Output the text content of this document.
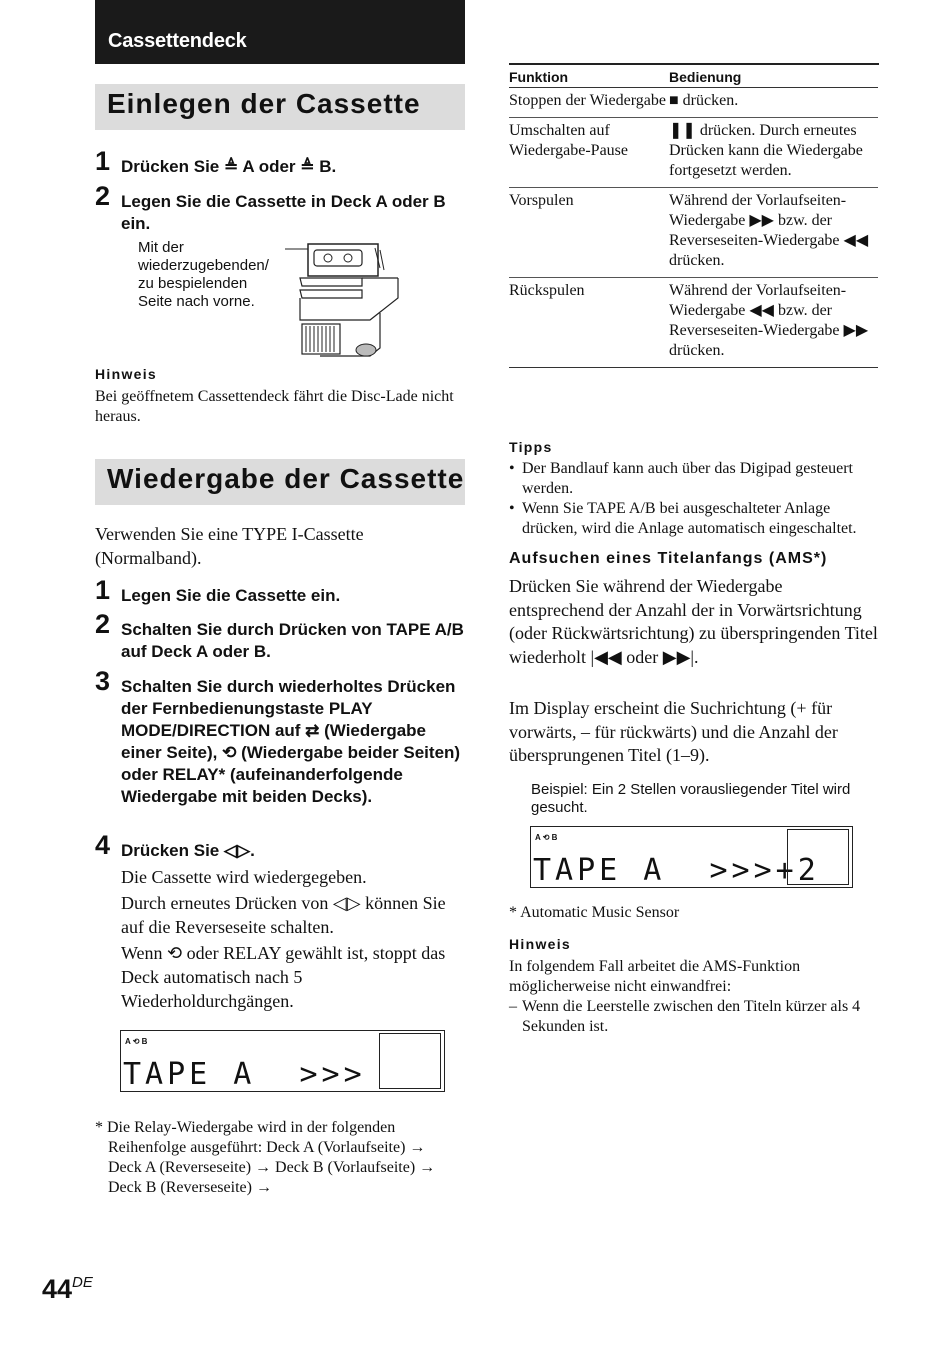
Cassettendeck
Einlegen der Cassette
1 Drücken Sie ≜ A oder ≜ B.
2 Legen Sie die Cassette in Deck A oder B ein.
Mit der wiederzugebenden/ zu bespielenden Seite nach vorne.
Hinweis
Bei geöffnetem Cassettendeck fährt die Disc-Lade nicht heraus.
Wiedergabe der Cassette
Verwenden Sie eine TYPE I-Cassette (Normalband).
1 Legen Sie die Cassette ein.
2 Schalten Sie durch Drücken von TAPE A/B auf Deck A oder B.
3 Schalten Sie durch wiederholtes Drücken der Fernbedienungstaste PLAY MODE/DIRECTION auf ⇄ (Wiedergabe einer Seite), ⟲ (Wiedergabe beider Seiten) oder RELAY* (aufeinanderfolgende Wiedergabe mit beiden Decks).
4 Drücken Sie ◁▷.
Die Cassette wird wiedergegeben.
Durch erneutes Drücken von ◁▷ können Sie auf die Reverseseite schalten.
Wenn ⟲ oder RELAY gewählt ist, stoppt das Deck automatisch nach 5 Wiederholdurchgängen.
A ⟲ B
TAPE A  >>>
* Die Relay-Wiedergabe wird in der folgenden Reihenfolge ausgeführt: Deck A (Vorlaufseite) → Deck A (Reverseseite) → Deck B (Vorlaufseite) → Deck B (Reverseseite) →
44DE
Funktion	Bedienung
Stoppen der Wiedergabe	■ drücken.
Umschalten auf Wiedergabe-Pause	❚❚ drücken. Durch erneutes Drücken kann die Wiedergabe fortgesetzt werden.
Vorspulen	Während der Vorlaufseiten-Wiedergabe ▶▶ bzw. der Reverseseiten-Wiedergabe ◀◀ drücken.
Rückspulen	Während der Vorlaufseiten-Wiedergabe ◀◀ bzw. der Reverseseiten-Wiedergabe ▶▶ drücken.
Tipps
• Der Bandlauf kann auch über das Digipad gesteuert werden.
• Wenn Sie TAPE A/B bei ausgeschalteter Anlage drücken, wird die Anlage automatisch eingeschaltet.
Aufsuchen eines Titelanfangs (AMS*)
Drücken Sie während der Wiedergabe entsprechend der Anzahl der in Vorwärtsrichtung (oder Rückwärtsrichtung) zu überspringenden Titel wiederholt |◀◀ oder ▶▶|.
Im Display erscheint die Suchrichtung (+ für vorwärts, – für rückwärts) und die Anzahl der übersprungenen Titel (1–9).
Beispiel: Ein 2 Stellen vorausliegender Titel wird gesucht.
A ⟲ B
TAPE A  >>>+2
* Automatic Music Sensor
Hinweis
In folgendem Fall arbeitet die AMS-Funktion möglicherweise nicht einwandfrei:
– Wenn die Leerstelle zwischen den Titeln kürzer als 4 Sekunden ist.
